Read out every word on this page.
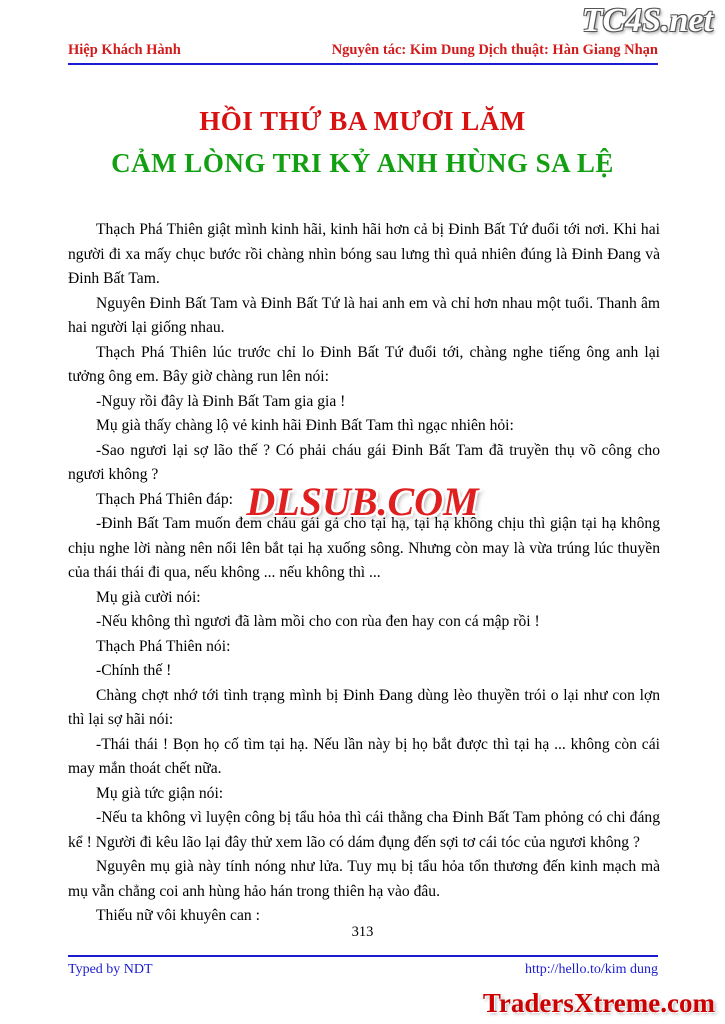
TC4S.net
Hiệp Khách Hành	Nguyên tác: Kim Dung Dịch thuật: Hàn Giang Nhạn
HỒI THỨ BA MƯƠI LĂM
CẢM LÒNG TRI KỶ ANH HÙNG SA LỆ

Thạch Phá Thiên giật mình kinh hãi, kinh hãi hơn cả bị Đinh Bất Tứ đuổi tới nơi. Khi hai người đi xa mấy chục bước rồi chàng nhìn bóng sau lưng thì quả nhiên đúng là Đinh Đang và Đinh Bất Tam.

Nguyên Đinh Bất Tam và Đinh Bất Tứ là hai anh em và chỉ hơn nhau một tuổi. Thanh âm hai người lại giống nhau.

Thạch Phá Thiên lúc trước chỉ lo Đinh Bất Tứ đuổi tới, chàng nghe tiếng ông anh lại tưởng ông em. Bây giờ chàng run lên nói:

-Nguy rồi đây là Đinh Bất Tam gia gia !

Mụ già thấy chàng lộ vẻ kinh hãi Đinh Bất Tam thì ngạc nhiên hỏi:

-Sao ngươi lại sợ lão thế ? Có phải cháu gái Đinh Bất Tam đã truyền thụ võ công cho ngươi không ?

Thạch Phá Thiên đáp:

-Đinh Bất Tam muốn đem cháu gái gả cho tại hạ, tại hạ không chịu thì giận tại hạ không chịu nghe lời nàng nên nổi lên bắt tại hạ xuống sông. Nhưng còn may là vừa trúng lúc thuyền của thái thái đi qua, nếu không ... nếu không thì ...

Mụ già cười nói:

-Nếu không thì ngươi đã làm mồi cho con rùa đen hay con cá mập rồi !

Thạch Phá Thiên nói:

-Chính thế !

Chàng chợt nhớ tới tình trạng mình bị Đinh Đang dùng lèo thuyền trói o lại như con lợn thì lại sợ hãi nói:

-Thái thái ! Bọn họ cố tìm tại hạ. Nếu lần này bị họ bắt được thì tại hạ ... không còn cái may mắn thoát chết nữa.

Mụ già tức giận nói:

-Nếu ta không vì luyện công bị tẩu hỏa thì cái thằng cha Đinh Bất Tam phỏng có chi đáng kể ! Người đi kêu lão lại đây thử xem lão có dám đụng đến sợi tơ cái tóc của ngươi không ?

Nguyên mụ già này tính nóng như lửa. Tuy mụ bị tẩu hỏa tổn thương đến kinh mạch mà mụ vẫn chẳng coi anh hùng hảo hán trong thiên hạ vào đâu.

Thiếu nữ vôi khuyên can :

DLSUB.COM
313
Typed by NDT	http://hello.to/kim dung
TradersXtreme.com
